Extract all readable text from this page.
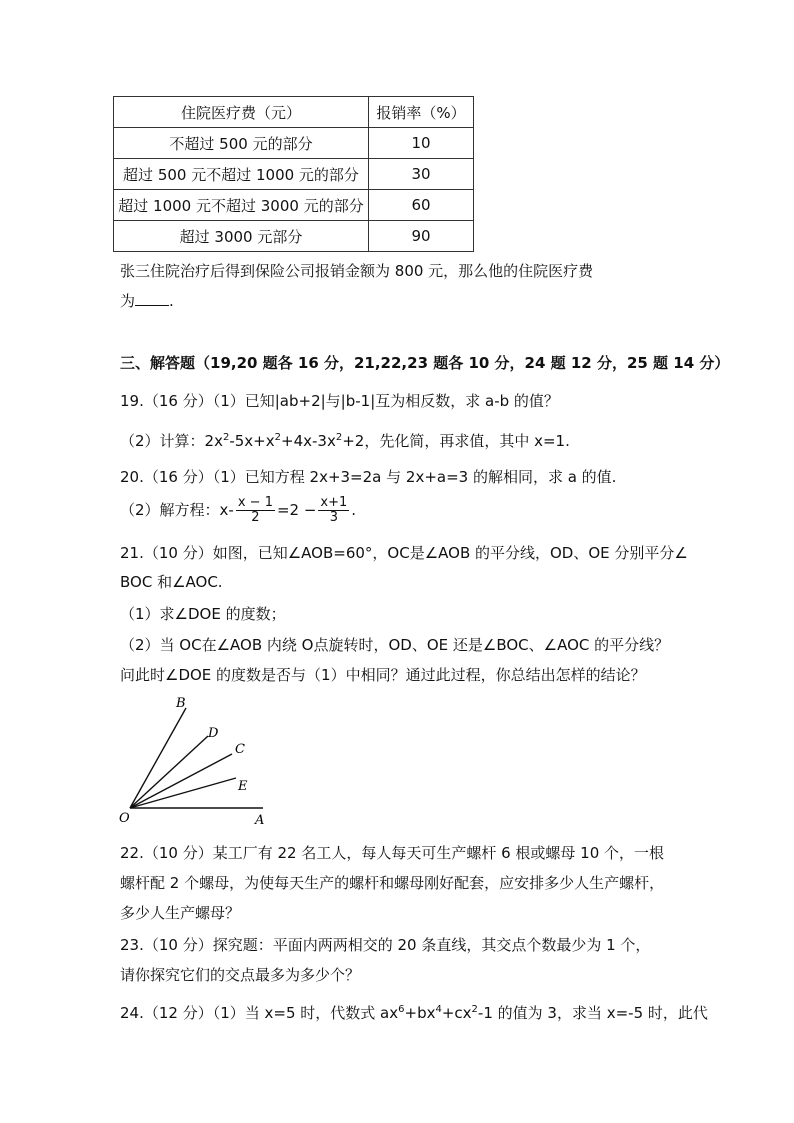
住院医疗费（元）	报销率（%）
不超过 500 元的部分	10
超过 500 元不超过 1000 元的部分	30
超过 1000 元不超过 3000 元的部分	60
超过 3000 元部分	90
张三住院治疗后得到保险公司报销金额为 800 元，那么他的住院医疗费
为 .
三、解答题（19,20 题各 16 分，21,22,23 题各 10 分，24 题 12 分，25 题 14 分）
19.（16 分）（1）已知|ab+2|与|b-1|互为相反数，求 a-b 的值？
（2）计算：$2x^2-5x+x^2+4x-3x^2+2$，先化简，再求值，其中 x=1.
20.（16 分）（1）已知方程 2x+3=2a 与 2x+a=3 的解相同，求 a 的值.
（2）解方程：$x- \frac{x - 1}{2} =2 - \frac{x+1}{3}$ .
21.（10 分）如图，已知∠AOB=60°，OC是∠AOB 的平分线，OD、OE 分别平分∠
BOC 和∠AOC.
（1）求∠DOE 的度数；
（2）当 OC在∠AOB 内绕 O点旋转时，OD、OE 还是∠BOC、∠AOC 的平分线？
问此时∠DOE 的度数是否与（1）中相同？通过此过程，你总结出怎样的结论？
B
D
C
E
O	A
22.（10 分）某工厂有 22 名工人，每人每天可生产螺杆 6 根或螺母 10 个，一根
螺杆配 2 个螺母，为使每天生产的螺杆和螺母刚好配套，应安排多少人生产螺杆，
多少人生产螺母？
23.（10 分）探究题：平面内两两相交的 20 条直线，其交点个数最少为 1 个，
请你探究它们的交点最多为多少个？
24.（12 分）（1）当 x=5 时，代数式 $ax^6+bx^4+cx^2-1$ 的值为 3，求当 x=-5 时，此代
